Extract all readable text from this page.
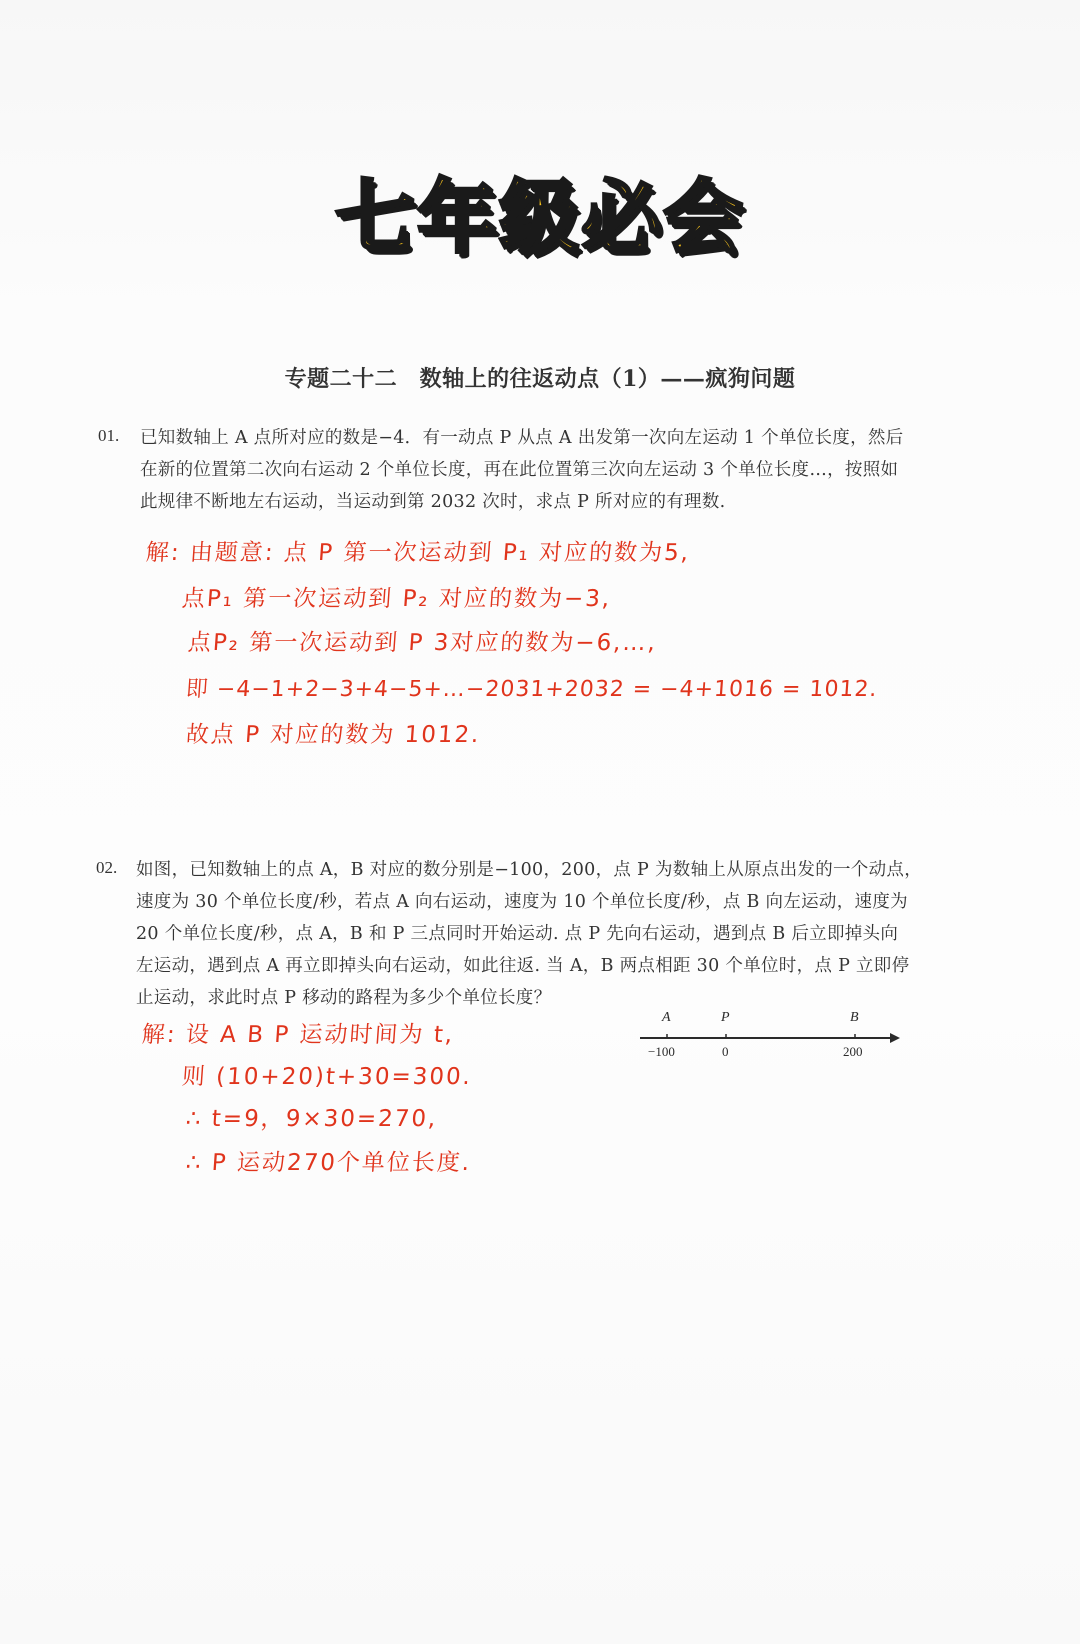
七年级必会
专题二十二　数轴上的往返动点（1）——疯狗问题
01. 已知数轴上 A 点所对应的数是−4．有一动点 P 从点 A 出发第一次向左运动 1 个单位长度，然后
在新的位置第二次向右运动 2 个单位长度，再在此位置第三次向左运动 3 个单位长度…，按照如
此规律不断地左右运动，当运动到第 2032 次时，求点 P 所对应的有理数.
解: 由题意: 点 P 第一次运动到 P₁ 对应的数为5,
点P₁ 第一次运动到 P₂ 对应的数为−3,
点P₂ 第一次运动到 P 3对应的数为−6,…,
即 −4−1+2−3+4−5+…−2031+2032 = −4+1016 = 1012.
故点 P 对应的数为 1012.
02. 如图，已知数轴上的点 A，B 对应的数分别是−100，200，点 P 为数轴上从原点出发的一个动点，
速度为 30 个单位长度/秒，若点 A 向右运动，速度为 10 个单位长度/秒，点 B 向左运动，速度为
20 个单位长度/秒，点 A，B 和 P 三点同时开始运动. 点 P 先向右运动，遇到点 B 后立即掉头向
左运动，遇到点 A 再立即掉头向右运动，如此往返. 当 A，B 两点相距 30 个单位时，点 P 立即停
止运动，求此时点 P 移动的路程为多少个单位长度？
解: 设 A B P 运动时间为 t,
则 (10+20)t+30=300.
∴ t=9，9×30=270,
∴ P 运动270个单位长度.
A	P	B
−100	0	200
